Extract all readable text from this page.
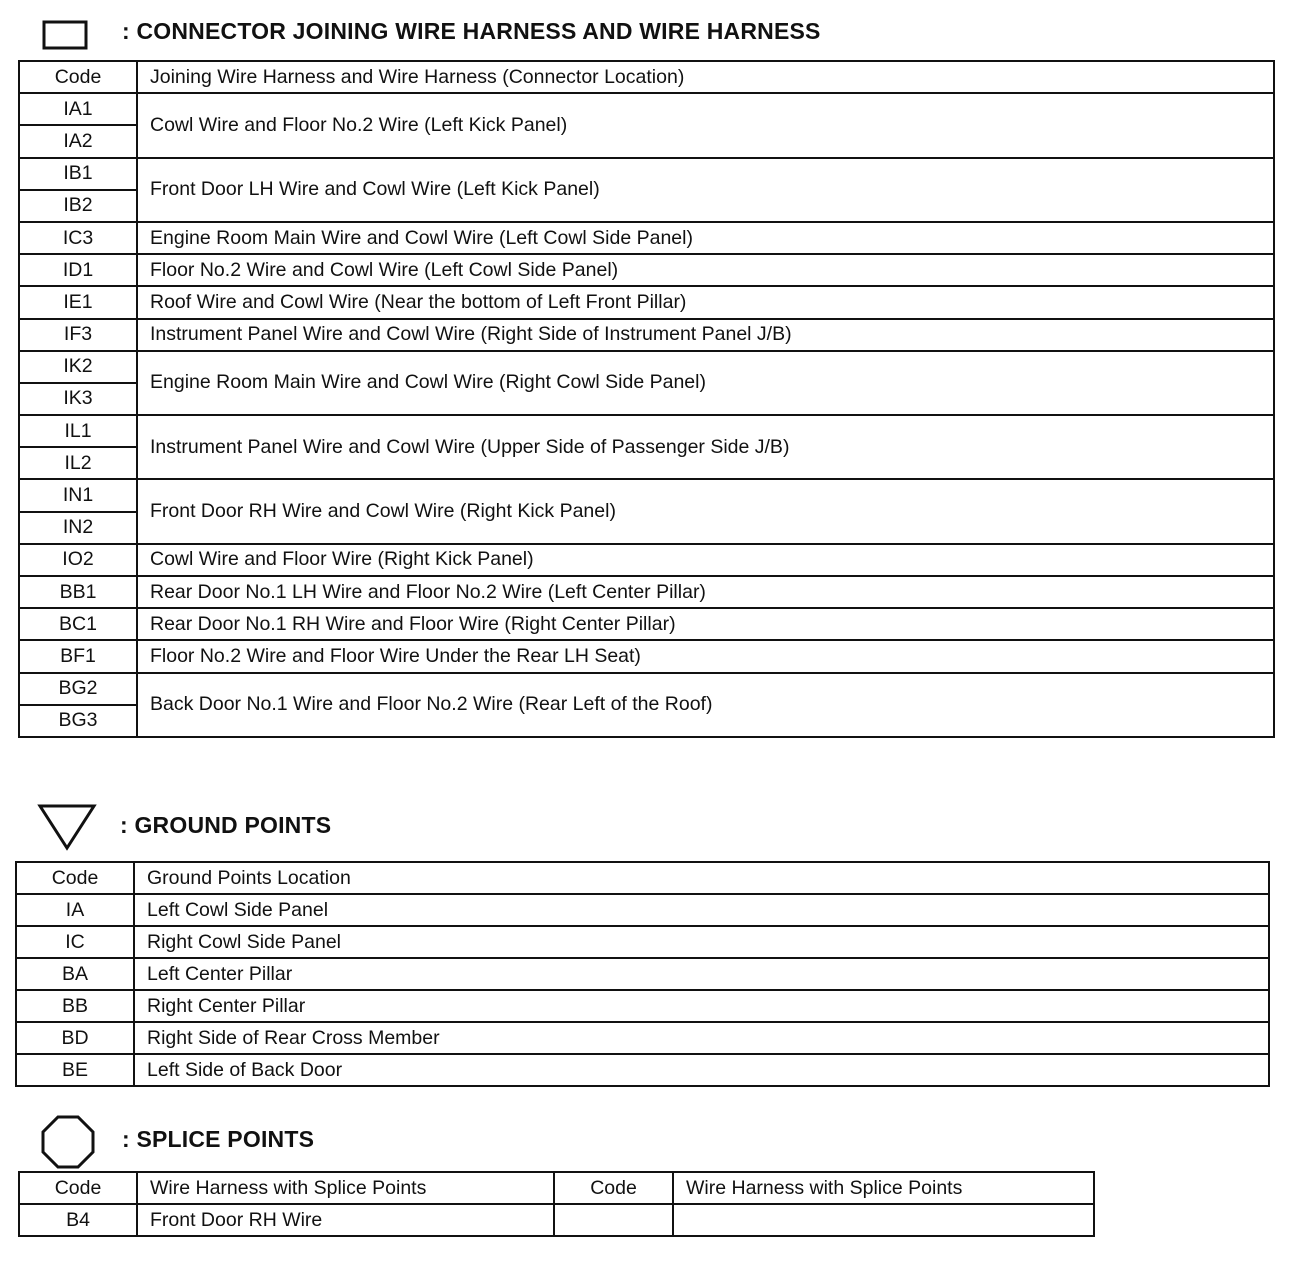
: CONNECTOR JOINING WIRE HARNESS AND WIRE HARNESS
Code	Joining Wire Harness and Wire Harness (Connector Location)
IA1	Cowl Wire and Floor No.2 Wire (Left Kick Panel)
IA2	
IB1	Front Door LH Wire and Cowl Wire (Left Kick Panel)
IB2	
IC3	Engine Room Main Wire and Cowl Wire (Left Cowl Side Panel)
ID1	Floor No.2 Wire and Cowl Wire (Left Cowl Side Panel)
IE1	Roof Wire and Cowl Wire (Near the bottom of Left Front Pillar)
IF3	Instrument Panel Wire and Cowl Wire (Right Side of Instrument Panel J/B)
IK2	Engine Room Main Wire and Cowl Wire (Right Cowl Side Panel)
IK3	
IL1	Instrument Panel Wire and Cowl Wire (Upper Side of Passenger Side J/B)
IL2	
IN1	Front Door RH Wire and Cowl Wire (Right Kick Panel)
IN2	
IO2	Cowl Wire and Floor Wire (Right Kick Panel)
BB1	Rear Door No.1 LH Wire and Floor No.2 Wire (Left Center Pillar)
BC1	Rear Door No.1 RH Wire and Floor Wire (Right Center Pillar)
BF1	Floor No.2 Wire and Floor Wire Under the Rear LH Seat)
BG2	Back Door No.1 Wire and Floor No.2 Wire (Rear Left of the Roof)
BG3	
: GROUND POINTS
Code	Ground Points Location
IA	Left Cowl Side Panel
IC	Right Cowl Side Panel
BA	Left Center Pillar
BB	Right Center Pillar
BD	Right Side of Rear Cross Member
BE	Left Side of Back Door
: SPLICE POINTS
Code	Wire Harness with Splice Points	Code	Wire Harness with Splice Points
B4	Front Door RH Wire		
